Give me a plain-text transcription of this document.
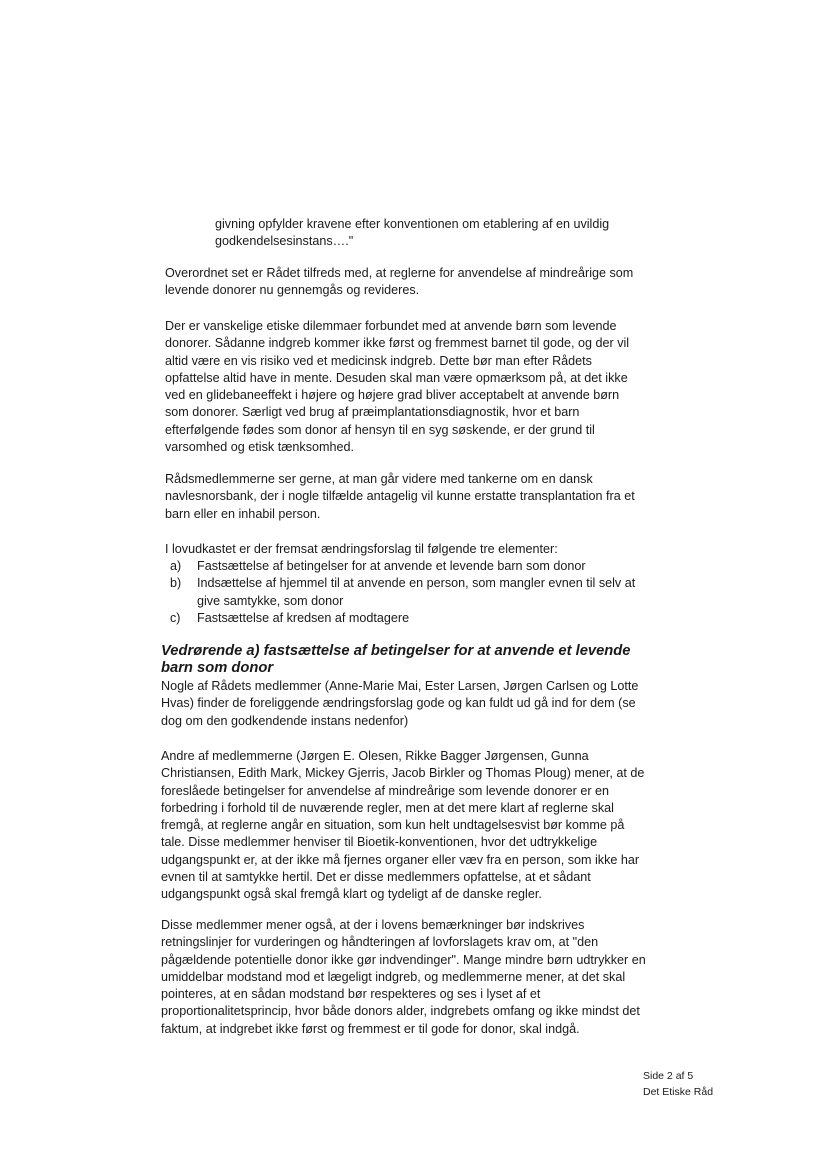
givning opfylder kravene efter konventionen om etablering af en uvildig godkendelsesinstans…."

Overordnet set er Rådet tilfreds med, at reglerne for anvendelse af mindreårige som levende donorer nu gennemgås og revideres.

Der er vanskelige etiske dilemmaer forbundet med at anvende børn som levende donorer. Sådanne indgreb kommer ikke først og fremmest barnet til gode, og der vil altid være en vis risiko ved et medicinsk indgreb. Dette bør man efter Rådets opfattelse altid have in mente. Desuden skal man være opmærksom på, at det ikke ved en glidebaneeffekt i højere og højere grad bliver acceptabelt at anvende børn som donorer. Særligt ved brug af præimplantationsdiagnostik, hvor et barn efterfølgende fødes som donor af hensyn til en syg søskende, er der grund til varsomhed og etisk tænksomhed.

Rådsmedlemmerne ser gerne, at man går videre med tankerne om en dansk navlesnorsbank, der i nogle tilfælde antagelig vil kunne erstatte transplantation fra et barn eller en inhabil person.

I lovudkastet er der fremsat ændringsforslag til følgende tre elementer:

a)	Fastsættelse af betingelser for at anvende et levende barn som donor
b)	Indsættelse af hjemmel til at anvende en person, som mangler evnen til selv at give samtykke, som donor
c)	Fastsættelse af kredsen af modtagere
Vedrørende a) fastsættelse af betingelser for at anvende et levende barn som donor

Nogle af Rådets medlemmer (Anne-Marie Mai, Ester Larsen, Jørgen Carlsen og Lotte Hvas) finder de foreliggende ændringsforslag gode og kan fuldt ud gå ind for dem (se dog om den godkendende instans nedenfor)

Andre af medlemmerne (Jørgen E. Olesen, Rikke Bagger Jørgensen, Gunna Christiansen, Edith Mark, Mickey Gjerris, Jacob Birkler og Thomas Ploug) mener, at de foreslåede betingelser for anvendelse af mindreårige som levende donorer er en forbedring i forhold til de nuværende regler, men at det mere klart af reglerne skal fremgå, at reglerne angår en situation, som kun helt undtagelsesvist bør komme på tale. Disse medlemmer henviser til Bioetik-konventionen, hvor det udtrykkelige udgangspunkt er, at der ikke må fjernes organer eller væv fra en person, som ikke har evnen til at samtykke hertil. Det er disse medlemmers opfattelse, at et sådant udgangspunkt også skal fremgå klart og tydeligt af de danske regler.

Disse medlemmer mener også, at der i lovens bemærkninger bør indskrives retningslinjer for vurderingen og håndteringen af lovforslagets krav om, at "den pågældende potentielle donor ikke gør indvendinger". Mange mindre børn udtrykker en umiddelbar modstand mod et lægeligt indgreb, og medlemmerne mener, at det skal pointeres, at en sådan modstand bør respekteres og ses i lyset af et proportionalitetsprincip, hvor både donors alder, indgrebets omfang og ikke mindst det faktum, at indgrebet ikke først og fremmest er til gode for donor, skal indgå.

Side 2 af 5
Det Etiske Råd
